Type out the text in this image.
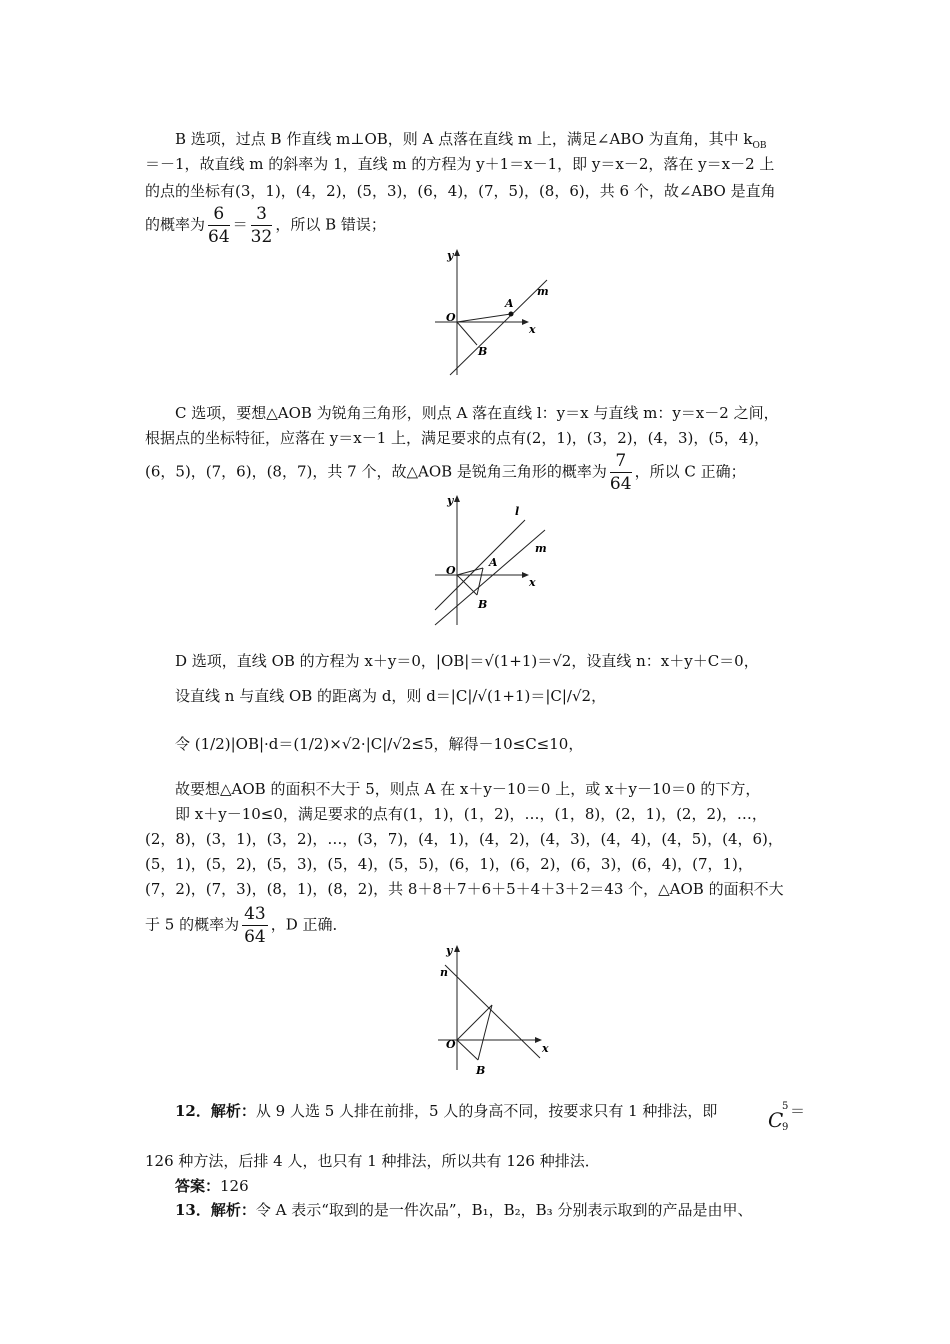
B 选项，过点 B 作直线 m⊥OB，则 A 点落在直线 m 上，满足∠ABO 为直角，其中 $k_{OB}$
＝－1，故直线 m 的斜率为 1，直线 m 的方程为 y＋1＝x－1，即 y＝x－2，落在 y＝x－2 上
的点的坐标有(3，1)，(4，2)，(5，3)，(6，4)，(7，5)，(8，6)，共 6 个，故∠ABO 是直角
的概率为 $\frac{6}{64} = \frac{3}{32}$ ，所以 B 错误；
y
x
O
A
B
m
C 选项，要想△AOB 为锐角三角形，则点 A 落在直线 l：y＝x 与直线 m：y＝x－2 之间，
根据点的坐标特征，应落在 y＝x－1 上，满足要求的点有(2，1)，(3，2)，(4，3)，(5，4)，
(6，5)，(7，6)，(8，7)，共 7 个，故△AOB 是锐角三角形的概率为 $\frac{7}{64}$ ，所以 C 正确；
y
x
O
A
B
l
m
D 选项，直线 OB 的方程为 x＋y＝0，|OB|＝√(1+1)＝√2，设直线 n：x＋y＋C＝0，
设直线 n 与直线 OB 的距离为 d，则 d＝|C|/√(1+1)＝|C|/√2，
令 (1/2)|OB|·d＝(1/2)×√2·|C|/√2≤5，解得－10≤C≤10，
故要想△AOB 的面积不大于 5，则点 A 在 x＋y－10＝0 上，或 x＋y－10＝0 的下方，
即 x＋y－10≤0，满足要求的点有(1，1)，(1，2)，…，(1，8)，(2，1)，(2，2)，…，
(2，8)，(3，1)，(3，2)，…，(3，7)，(4，1)，(4，2)，(4，3)，(4，4)，(4，5)，(4，6)，
(5，1)，(5，2)，(5，3)，(5，4)，(5，5)，(6，1)，(6，2)，(6，3)，(6，4)，(7，1)，
(7，2)，(7，3)，(8，1)，(8，2)，共 8＋8＋7＋6＋5＋4＋3＋2＝43 个，△AOB 的面积不大
于 5 的概率为 $\frac{43}{64}$ ，D 正确．
y
x
O
B
n
12．解析：从 9 人选 5 人排在前排，5 人的身高不同，按要求只有 1 种排法，即	C
9
5 ＝
126 种方法，后排 4 人，也只有 1 种排法，所以共有 126 种排法．
答案：126
13．解析：令 A 表示“取到的是一件次品”，B₁，B₂，B₃ 分别表示取到的产品是由甲、
